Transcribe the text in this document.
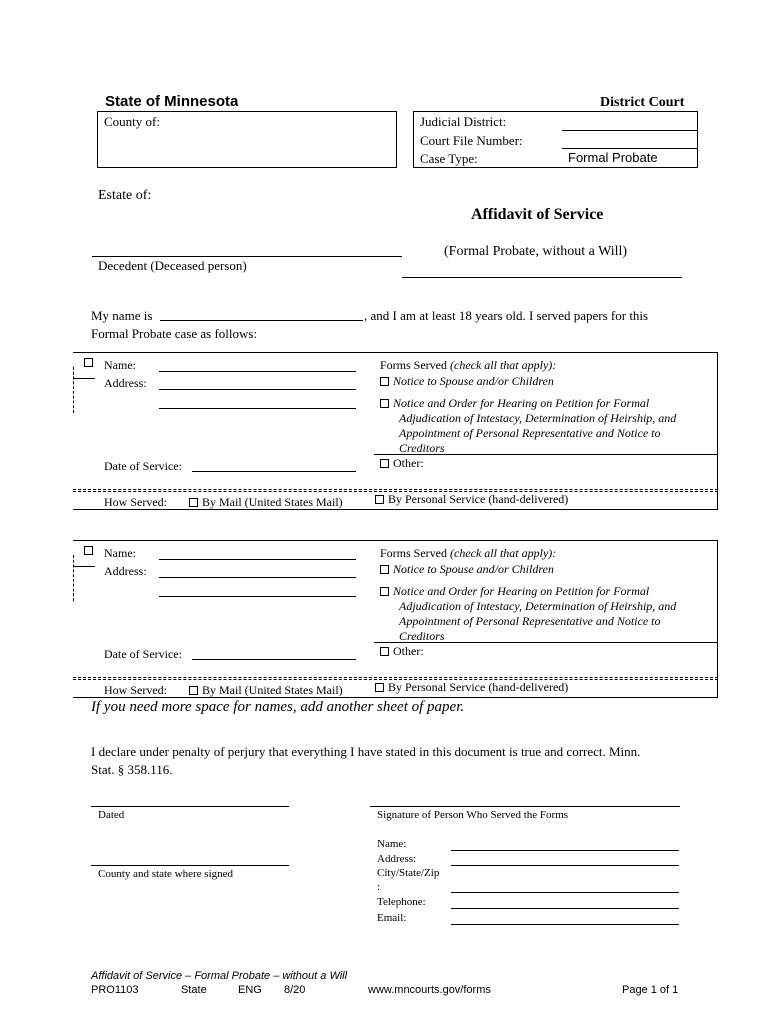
State of Minnesota	District Court
County of:	Judicial District:
Court File Number:
Case Type:	Formal Probate
Estate of:
Affidavit of Service
Decedent (Deceased person)
(Formal Probate, without a Will)
My name is	, and I am at least 18 years old. I served papers for this
Formal Probate case as follows:
Name:
Address:
Date of Service:
Forms Served (check all that apply):
Notice to Spouse and/or Children
Notice and Order for Hearing on Petition for Formal
Adjudication of Intestacy, Determination of Heirship, and
Appointment of Personal Representative and Notice to
Creditors
Other:
How Served:	By Mail (United States Mail)	By Personal Service (hand-delivered)
Name:
Address:
Date of Service:
Forms Served (check all that apply):
Notice to Spouse and/or Children
Notice and Order for Hearing on Petition for Formal
Adjudication of Intestacy, Determination of Heirship, and
Appointment of Personal Representative and Notice to
Creditors
Other:
How Served:	By Mail (United States Mail)	By Personal Service (hand-delivered)
If you need more space for names, add another sheet of paper.
I declare under penalty of perjury that everything I have stated in this document is true and correct. Minn.
Stat. § 358.116.
Dated
County and state where signed
Signature of Person Who Served the Forms
Name:
Address:
City/State/Zip
:
Telephone:
Email:
Affidavit of Service – Formal Probate – without a Will
PRO1103	State	ENG 8/20	www.mncourts.gov/forms	Page 1 of 1
